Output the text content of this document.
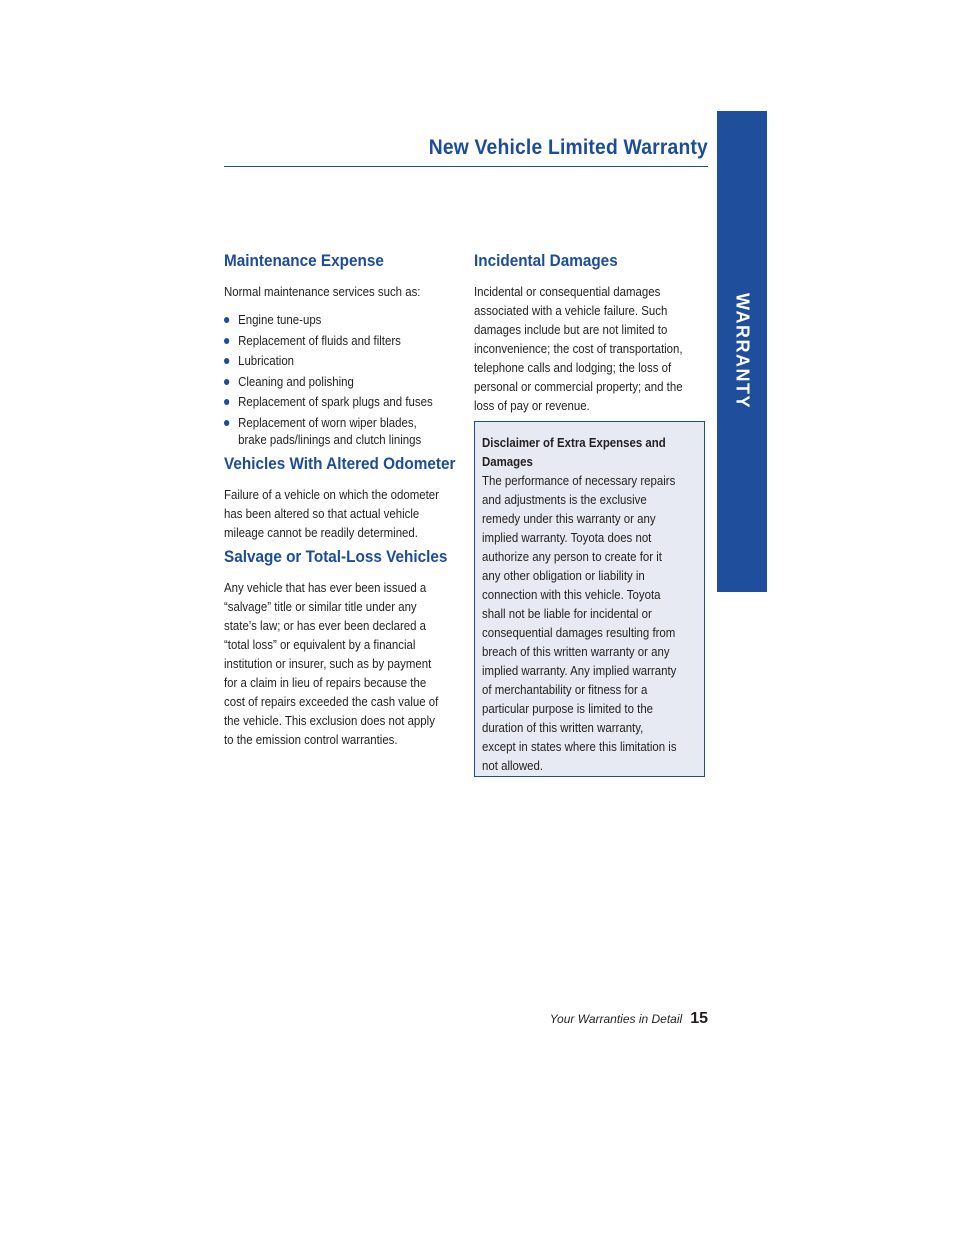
New Vehicle Limited Warranty
WARRANTY
Maintenance Expense

Normal maintenance services such as:

Engine tune-ups
Replacement of fluids and filters
Lubrication
Cleaning and polishing
Replacement of spark plugs and fuses
Replacement of worn wiper blades,
brake pads/linings and clutch linings
Vehicles With Altered Odometer

Failure of a vehicle on which the odometer
has been altered so that actual vehicle
mileage cannot be readily determined.

Salvage or Total-Loss Vehicles

Any vehicle that has ever been issued a
“salvage” title or similar title under any
state’s law; or has ever been declared a
“total loss” or equivalent by a financial
institution or insurer, such as by payment
for a claim in lieu of repairs because the
cost of repairs exceeded the cash value of
the vehicle. This exclusion does not apply
to the emission control warranties.

Incidental Damages

Incidental or consequential damages
associated with a vehicle failure. Such
damages include but are not limited to
inconvenience; the cost of transportation,
telephone calls and lodging; the loss of
personal or commercial property; and the
loss of pay or revenue.

Disclaimer of Extra Expenses and
Damages
The performance of necessary repairs
and adjustments is the exclusive
remedy under this warranty or any
implied warranty. Toyota does not
authorize any person to create for it
any other obligation or liability in
connection with this vehicle. Toyota
shall not be liable for incidental or
consequential damages resulting from
breach of this written warranty or any
implied warranty. Any implied warranty
of merchantability or fitness for a
particular purpose is limited to the
duration of this written warranty,
except in states where this limitation is
not allowed.
Your Warranties in Detail 15
